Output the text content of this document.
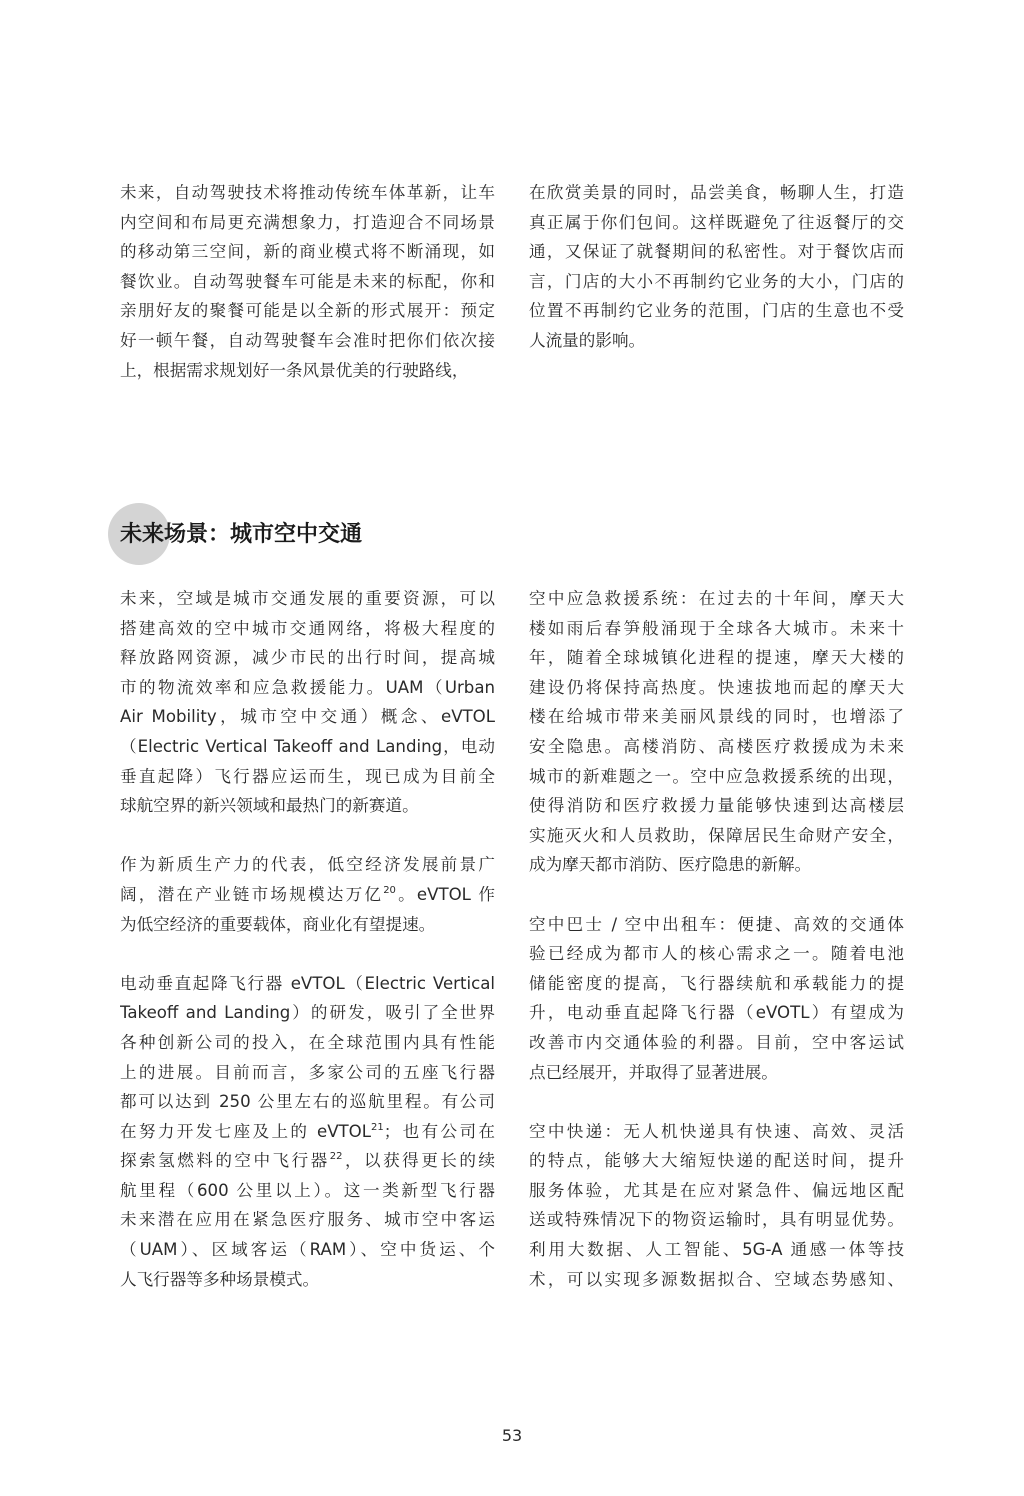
未来，自动驾驶技术将推动传统车体革新，让车
内空间和布局更充满想象力，打造迎合不同场景
的移动第三空间，新的商业模式将不断涌现，如
餐饮业。自动驾驶餐车可能是未来的标配，你和
亲朋好友的聚餐可能是以全新的形式展开：预定
好一顿午餐，自动驾驶餐车会准时把你们依次接
上，根据需求规划好一条风景优美的行驶路线，

在欣赏美景的同时，品尝美食，畅聊人生，打造
真正属于你们包间。这样既避免了往返餐厅的交
通，又保证了就餐期间的私密性。对于餐饮店而
言，门店的大小不再制约它业务的大小，门店的
位置不再制约它业务的范围，门店的生意也不受
人流量的影响。

未来场景：城市空中交通

未来，空域是城市交通发展的重要资源，可以
搭建高效的空中城市交通网络，将极大程度的
释放路网资源，减少市民的出行时间，提高城
市的物流效率和应急救援能力。UAM（Urban
Air Mobility，城市空中交通）概念、eVTOL
（Electric Vertical Takeoff and Landing，电动
垂直起降）飞行器应运而生，现已成为目前全
球航空界的新兴领域和最热门的新赛道。

作为新质生产力的代表，低空经济发展前景广
阔，潜在产业链市场规模达万亿$^{20}$。eVTOL 作
为低空经济的重要载体，商业化有望提速。

电动垂直起降飞行器 eVTOL（Electric Vertical
Takeoff and Landing）的研发，吸引了全世界
各种创新公司的投入，在全球范围内具有性能
上的进展。目前而言，多家公司的五座飞行器
都可以达到 250 公里左右的巡航里程。有公司
在努力开发七座及上的 eVTOL$^{21}$；也有公司在
探索氢燃料的空中飞行器$^{22}$，以获得更长的续
航里程（600 公里以上）。这一类新型飞行器
未来潜在应用在紧急医疗服务、城市空中客运
（UAM）、区域客运（RAM）、空中货运、个
人飞行器等多种场景模式。

空中应急救援系统：在过去的十年间，摩天大
楼如雨后春笋般涌现于全球各大城市。未来十
年，随着全球城镇化进程的提速，摩天大楼的
建设仍将保持高热度。快速拔地而起的摩天大
楼在给城市带来美丽风景线的同时，也增添了
安全隐患。高楼消防、高楼医疗救援成为未来
城市的新难题之一。空中应急救援系统的出现，
使得消防和医疗救援力量能够快速到达高楼层
实施灭火和人员救助，保障居民生命财产安全，
成为摩天都市消防、医疗隐患的新解。

空中巴士 / 空中出租车：便捷、高效的交通体
验已经成为都市人的核心需求之一。随着电池
储能密度的提高，飞行器续航和承载能力的提
升，电动垂直起降飞行器（eVOTL）有望成为
改善市内交通体验的利器。目前，空中客运试
点已经展开，并取得了显著进展。

空中快递：无人机快递具有快速、高效、灵活
的特点，能够大大缩短快递的配送时间，提升
服务体验，尤其是在应对紧急件、偏远地区配
送或特殊情况下的物资运输时，具有明显优势。
利用大数据、人工智能、5G-A 通感一体等技
术，可以实现多源数据拟合、空域态势感知、

53
